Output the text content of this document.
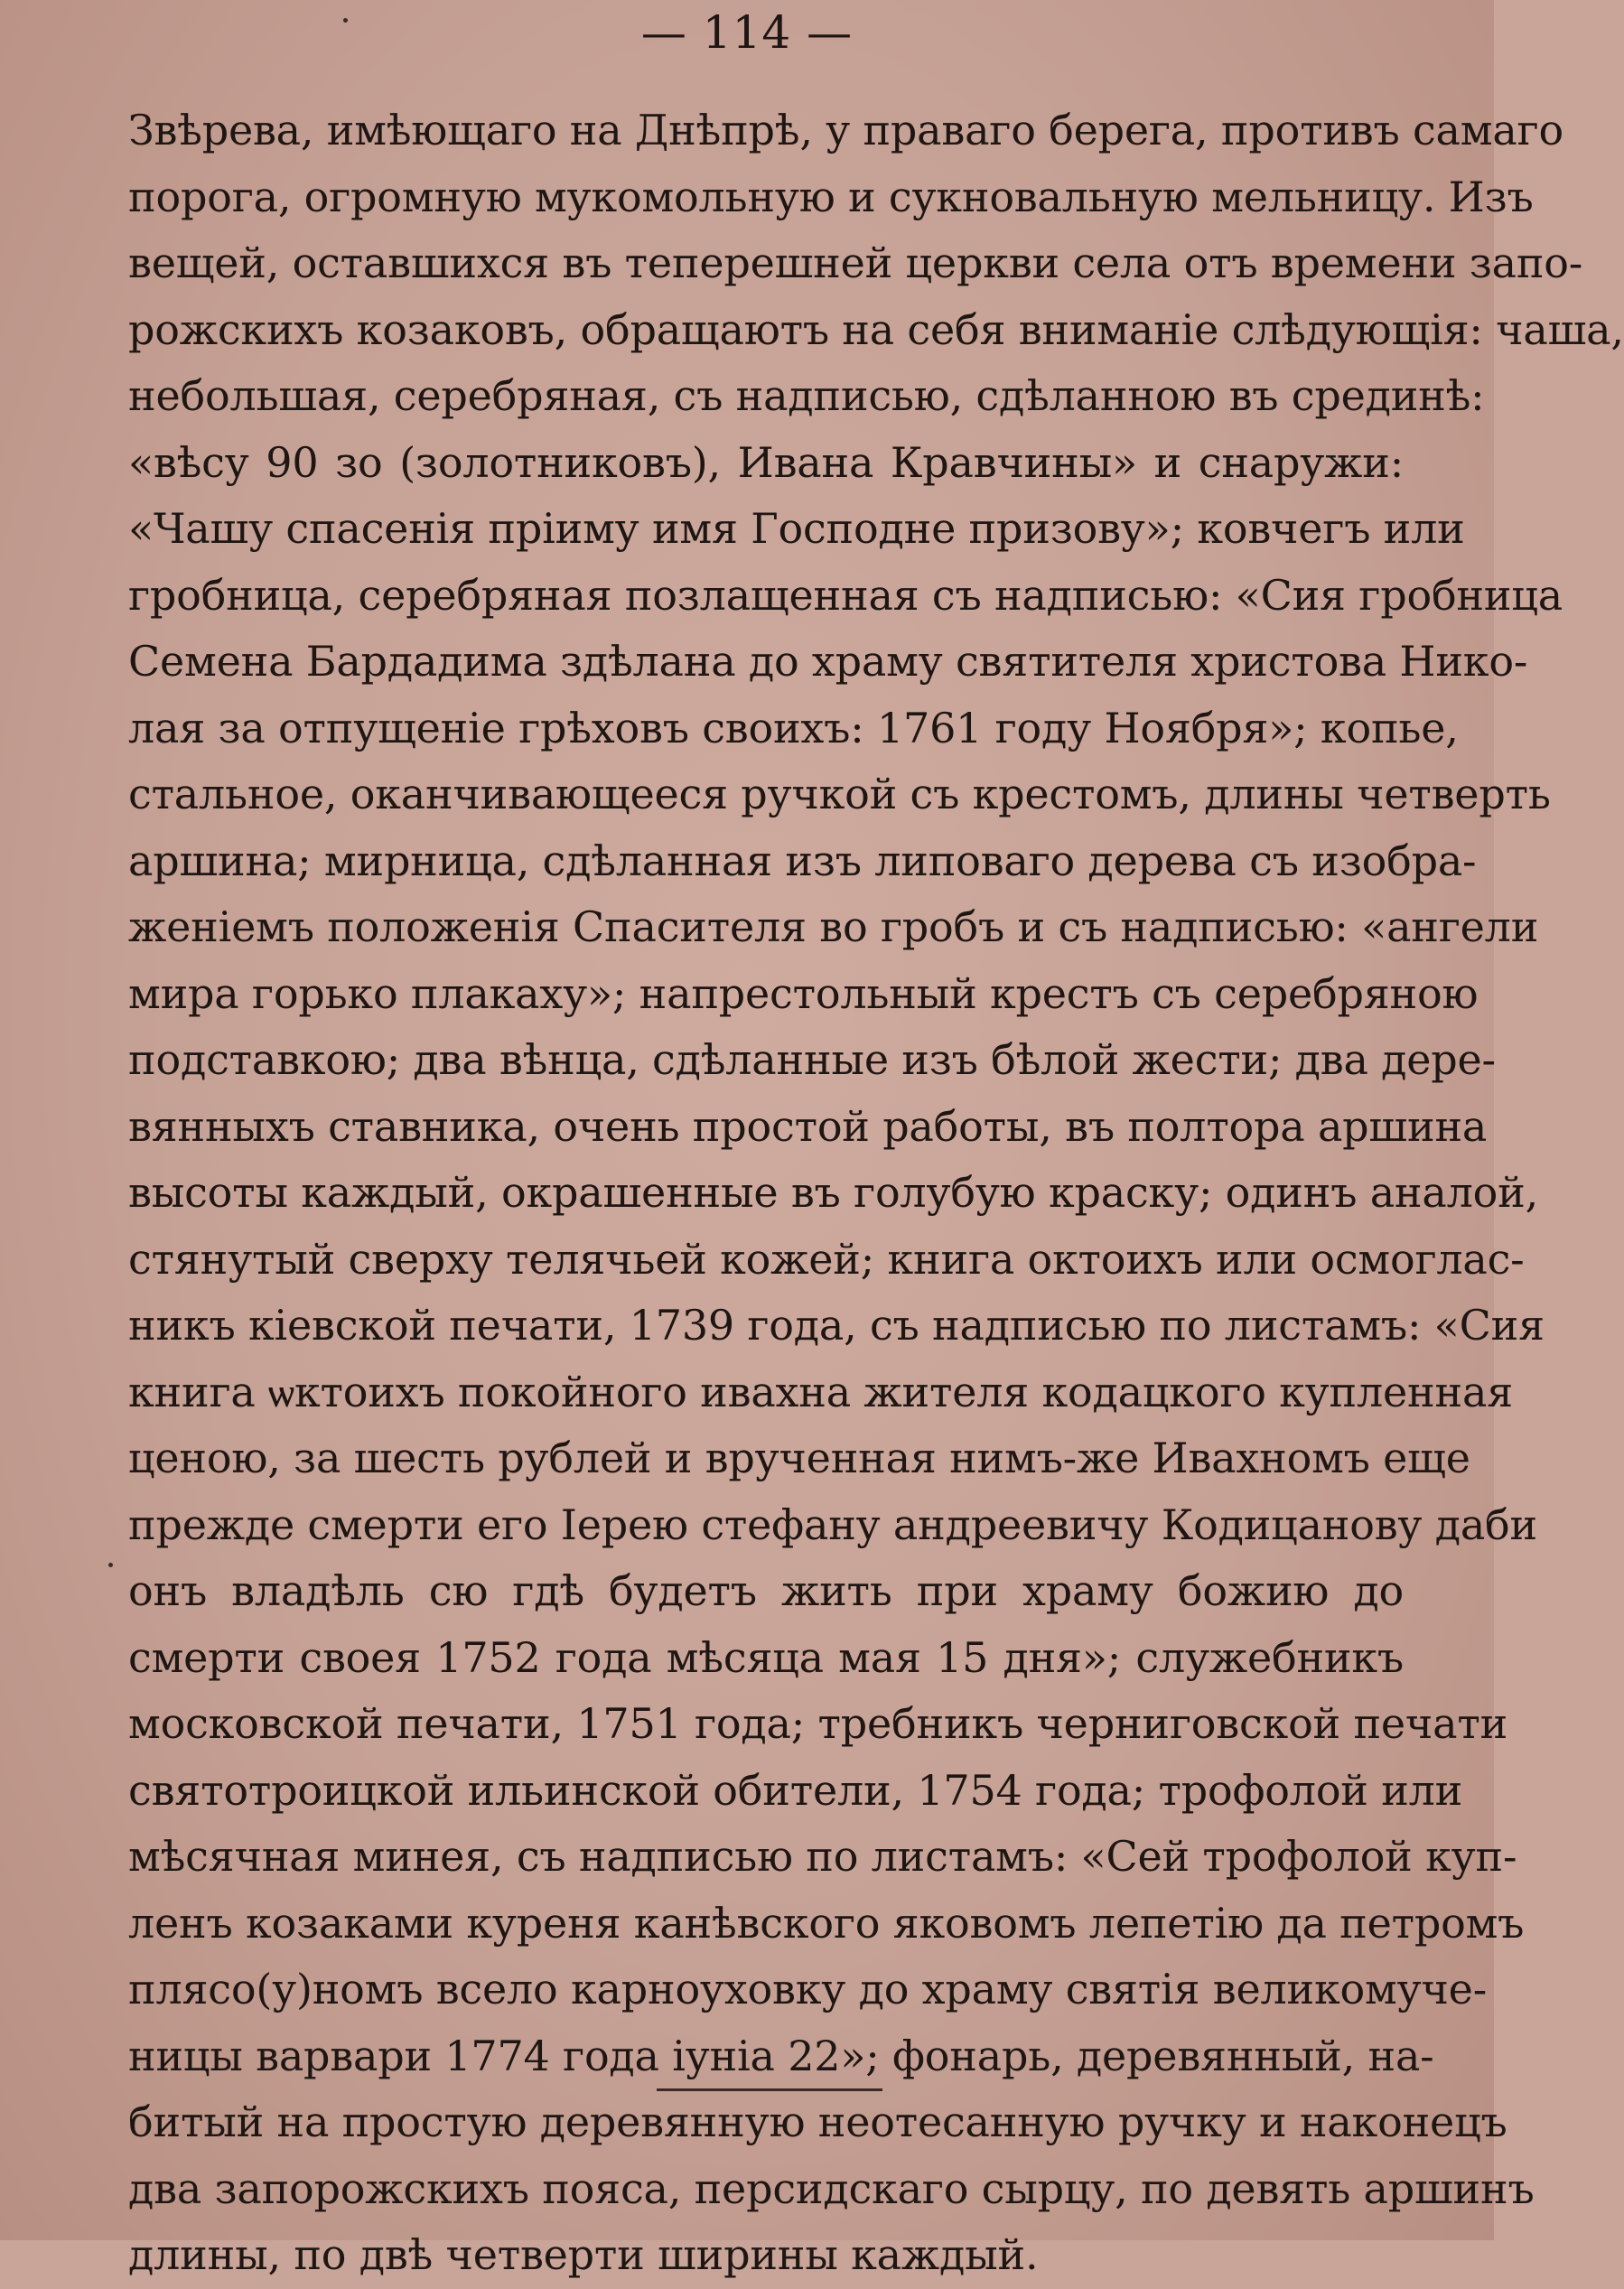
— 114 —
Звѣрева, имѣющаго на Днѣпрѣ, у праваго берега, противъ самаго
порога, огромную мукомольную и сукновальную мельницу. Изъ
вещей, оставшихся въ теперешней церкви села отъ времени запо-
рожскихъ козаковъ, обращаютъ на себя вниманіе слѣдующія: чаша,
небольшая, серебряная, съ надписью, сдѣланною въ срединѣ:
«вѣсу 90 зо (золотниковъ), Ивана Кравчины» и снаружи:
«Чашу спасенія пріиму имя Господне призову»; ковчегъ или
гробница, серебряная позлащенная съ надписью: «Сия гробница
Семена Бардадима здѣлана до храму святителя христова Нико-
лая за отпущеніе грѣховъ своихъ: 1761 году Ноября»; копье,
стальное, оканчивающееся ручкой съ крестомъ, длины четверть
аршина; мирница, сдѣланная изъ липоваго дерева съ изобра-
женіемъ положенія Спасителя во гробъ и съ надписью: «ангели
мира горько плакаху»; напрестольный крестъ съ серебряною
подставкою; два вѣнца, сдѣланные изъ бѣлой жести; два дере-
вянныхъ ставника, очень простой работы, въ полтора аршина
высоты каждый, окрашенные въ голубую краску; одинъ аналой,
стянутый сверху телячьей кожей; книга октоихъ или осмоглас-
никъ кіевской печати, 1739 года, съ надписью по листамъ: «Сия
книга ѡктоихъ покойного ивахна жителя кодацкого купленная
ценою, за шесть рублей и врученная нимъ-же Ивахномъ еще
прежде смерти его Іерею стефану андреевичу Кодицанову даби
онъ владѣль сю гдѣ будетъ жить при храму божию до
смерти своея 1752 года мѣсяца мая 15 дня»; служебникъ
московской печати, 1751 года; требникъ черниговской печати
святотроицкой ильинской обители, 1754 года; трофолой или
мѣсячная минея, съ надписью по листамъ: «Сей трофолой куп-
ленъ козаками куреня канѣвского яковомъ лепетію да петромъ
плясо(у)номъ всело карноуховку до храму святія великомуче-
ницы варвари 1774 года іуніа 22»; фонарь, деревянный, на-
битый на простую деревянную неотесанную ручку и наконецъ
два запорожскихъ пояса, персидскаго сырцу, по девять аршинъ
длины, по двѣ четверти ширины каждый.
